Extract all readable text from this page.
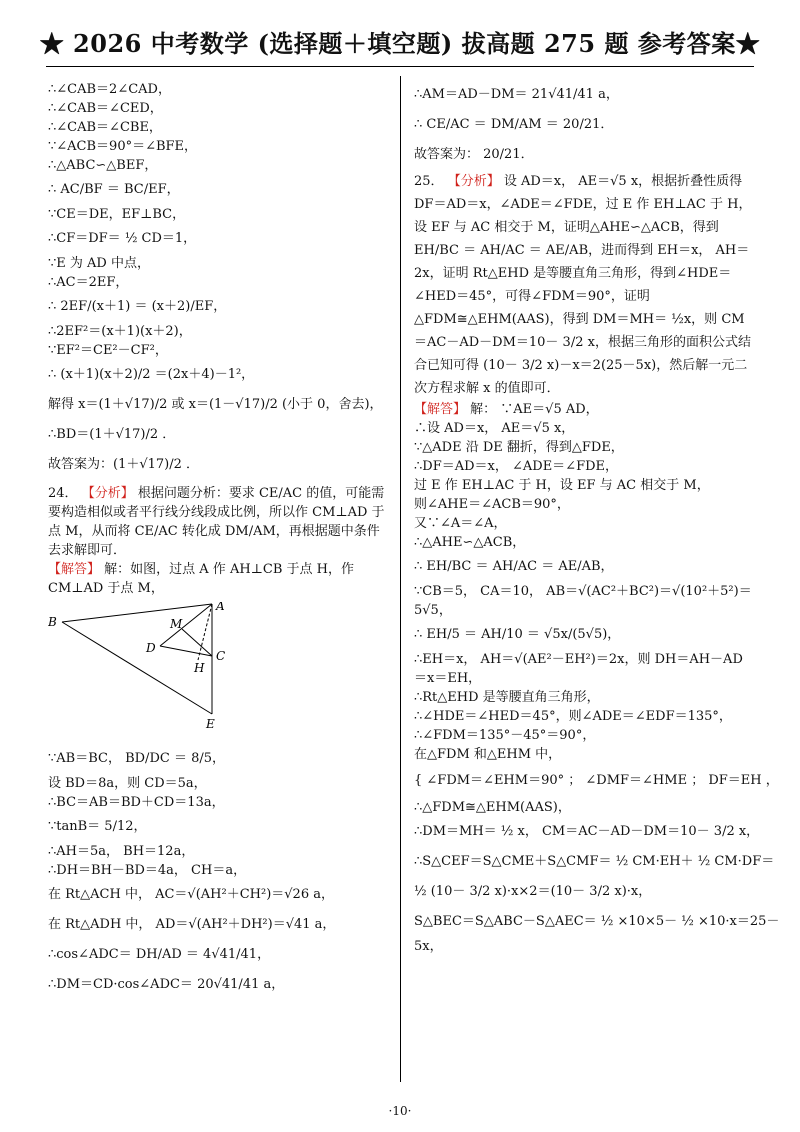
★ 2026 中考数学 (选择题＋填空题) 拔高题 275 题 参考答案★

∴∠CAB＝2∠CAD，

∴∠CAB＝∠CED，

∴∠CAB＝∠CBE，

∵∠ACB＝90°＝∠BFE，

∴△ABC∽△BEF，

∴ AC/BF ＝ BC/EF，

∵CE＝DE，EF⊥BC，

∴CF＝DF＝ ½ CD＝1，

∵E 为 AD 中点，

∴AC＝2EF，

∴ 2EF/(x＋1) ＝ (x＋2)/EF，

∴2EF²＝(x＋1)(x＋2)，

∵EF²＝CE²－CF²，

∴ (x＋1)(x＋2)/2 ＝(2x＋4)－1²，

解得 x＝(1＋√17)/2 或 x＝(1－√17)/2 (小于 0，舍去)，

∴BD＝(1＋√17)/2 ．

故答案为：(1＋√17)/2 ．

24． 【分析】 根据问题分析：要求 CE/AC 的值，可能需要构造相似或者平行线分线段成比例，所以作 CM⊥AD 于点 M，从而将 CE/AC 转化成 DM/AM，再根据题中条件去求解即可．

【解答】 解：如图，过点 A 作 AH⊥CB 于点 H，作 CM⊥AD 于点 M，

A
B
C
D
E
H
M

∵AB＝BC， BD/DC ＝ 8/5，

设 BD＝8a，则 CD＝5a，

∴BC＝AB＝BD＋CD＝13a，

∵tanB＝ 5/12，

∴AH＝5a， BH＝12a，

∴DH＝BH－BD＝4a， CH＝a，

在 Rt△ACH 中， AC＝√(AH²＋CH²)＝√26 a，

在 Rt△ADH 中， AD＝√(AH²＋DH²)＝√41 a，

∴cos∠ADC＝ DH/AD ＝ 4√41/41，

∴DM＝CD·cos∠ADC＝ 20√41/41 a，

∴AM＝AD－DM＝ 21√41/41 a，

∴ CE/AC ＝ DM/AM ＝ 20/21．

故答案为： 20/21．

25． 【分析】 设 AD＝x， AE＝√5 x，根据折叠性质得 DF＝AD＝x，∠ADE＝∠FDE，过 E 作 EH⊥AC 于 H，设 EF 与 AC 相交于 M，证明△AHE∽△ACB，得到 EH/BC ＝ AH/AC ＝ AE/AB，进而得到 EH＝x， AH＝2x，证明 Rt△EHD 是等腰直角三角形，得到∠HDE＝∠HED＝45°，可得∠FDM＝90°，证明△FDM≅△EHM(AAS)，得到 DM＝MH＝ ½x，则 CM＝AC－AD－DM＝10－ 3/2 x，根据三角形的面积公式结合已知可得 (10－ 3/2 x)－x＝2(25－5x)，然后解一元二次方程求解 x 的值即可．

【解答】 解： ∵AE＝√5 AD，

∴设 AD＝x， AE＝√5 x，

∵△ADE 沿 DE 翻折，得到△FDE，

∴DF＝AD＝x， ∠ADE＝∠FDE，

过 E 作 EH⊥AC 于 H，设 EF 与 AC 相交于 M，

则∠AHE＝∠ACB＝90°，

又∵∠A＝∠A，

∴△AHE∽△ACB，

∴ EH/BC ＝ AH/AC ＝ AE/AB，

∵CB＝5， CA＝10， AB＝√(AC²＋BC²)＝√(10²＋5²)＝

5√5，

∴ EH/5 ＝ AH/10 ＝ √5x/(5√5)，

∴EH＝x， AH＝√(AE²－EH²)＝2x，则 DH＝AH－AD

＝x＝EH，

∴Rt△EHD 是等腰直角三角形，

∴∠HDE＝∠HED＝45°，则∠ADE＝∠EDF＝135°，

∴∠FDM＝135°－45°＝90°，

在△FDM 和△EHM 中，

{ ∠FDM＝∠EHM＝90° ； ∠DMF＝∠HME ； DF＝EH ，

∴△FDM≅△EHM(AAS)，

∴DM＝MH＝ ½ x， CM＝AC－AD－DM＝10－ 3/2 x，

∴S△CEF＝S△CME＋S△CMF＝ ½ CM·EH＋ ½ CM·DF＝

½ (10－ 3/2 x)·x×2＝(10－ 3/2 x)·x，

S△BEC＝S△ABC－S△AEC＝ ½ ×10×5－ ½ ×10·x＝25－

5x，

·10·
